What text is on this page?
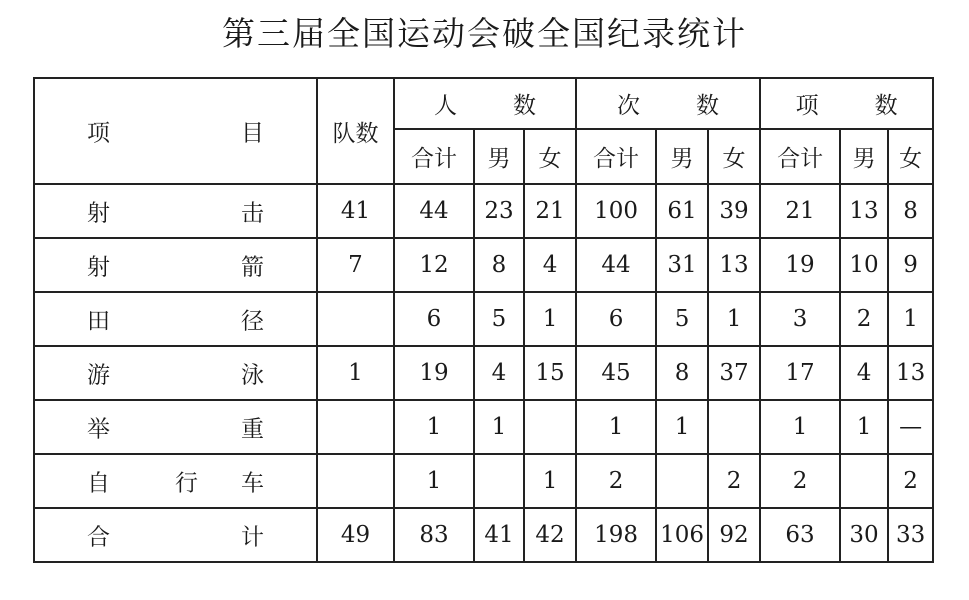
第三届全国运动会破全国纪录统计
项 目	队数	人 数			次 数			项 数		
		合计	男	女	合计	男	女	合计	男	女

射 击	41	44	23	21	100	61	39	21	13	8

射 箭	7	12	8	4	44	31	13	19	10	9

田 径		6	5	1	6	5	1	3	2	1

游 泳	1	19	4	15	45	8	37	17	4	13

举 重		1	1		1	1		1	1	—

自 行 车		1		1	2		2	2		2

合 计	49	83	41	42	198	106	92	63	30	33
